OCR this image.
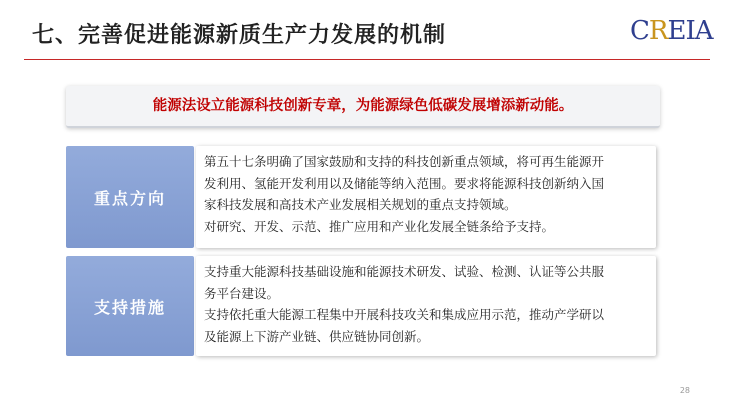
七、完善促进能源新质生产力发展的机制	CREIA
能源法设立能源科技创新专章，为能源绿色低碳发展增添新动能。
重点方向
第五十七条明确了国家鼓励和支持的科技创新重点领域，将可再生能源开
发利用、氢能开发利用以及储能等纳入范围。要求将能源科技创新纳入国
家科技发展和高技术产业发展相关规划的重点支持领域。
对研究、开发、示范、推广应用和产业化发展全链条给予支持。
支持措施
支持重大能源科技基础设施和能源技术研发、试验、检测、认证等公共服
务平台建设。
支持依托重大能源工程集中开展科技攻关和集成应用示范，推动产学研以
及能源上下游产业链、供应链协同创新。
28
